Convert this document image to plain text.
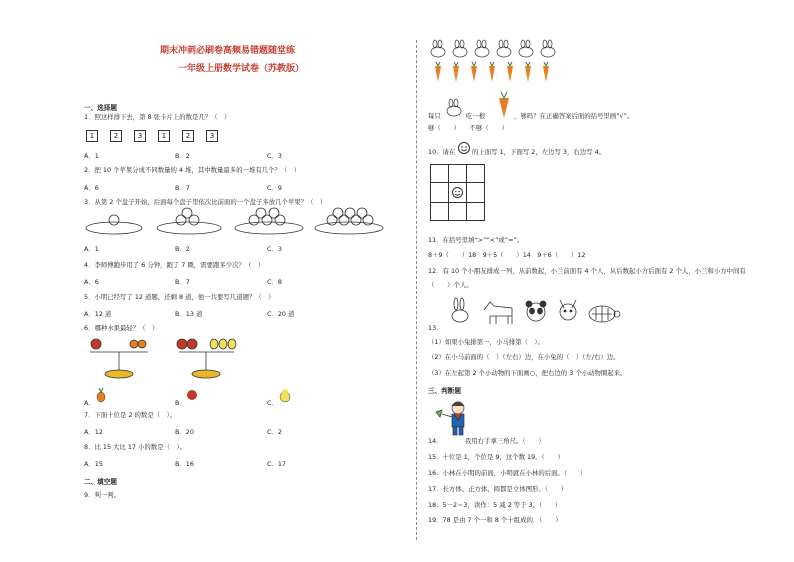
期末冲刺必刷卷高频易错题随堂练
一年级上册数学试卷（苏教版）
一、选择题
1．照这样排下去，第 8 张卡片上的数是几？（　）
1	2	3	1	2	3
A．1	B．2	C．3
2．把 10 个苹果分成不同数量的 4 堆，其中数量最多的一堆有几个？（　）
A．6	B．7	C．9
3．从第 2 个盘子开始，后面每个盘子里依次比前面的一个盘子多放几个苹果？（　）
A．1	B．2	C．3
4．李师傅跑步用了 6 分钟，跑了 7 圈，需要跑多少次？（　）
A．6	B．7	C．8
5．小明已经写了 12 道题，还剩 8 道，他一共要写几道题？（　）
A．12 道	B．13 道	C．20 道
6．哪种水果最轻？（　）
A．	B．	C．
7．下面十位是 2 的数是（　）。
A．12	B．20	C．2
8．比 15 大比 17 小的数是（　）。
A．15	B．16	C．17
二、填空题
9．判一判。
每只	吃一根	，够吗？在正确答案后面的括号里画“√”。
够（　　）　　不够（　　）
10．请在	的上面写 1，下面写 2，左边写 3，右边写 4。

11．在括号里填“>”“<”或“=”。
8＋9（　　）18　9＋5（　　）14　9＋6（　　）12
12．有 10 个小朋友排成一列，从前数起，小兰前面有 4 个人，从后数起小方后面有 2 个人，小兰和小方中间有
（　　）个人。
13．
（1）如果小兔排第一，小马排第（　）。
（2）在小马前面的（　）（左右）边，在小兔的（　）（左/右）边。
（3）在左起第 2 个小动物的下面画○，把右边的 3 个小动物圈起来。
三、判断题
14．　　　　我用右手拿三角尺。（　　）
15．十位是 1，个位是 9，这个数 19。（　　）
16．小林在小明的前面，小明就在小林的后面。（　　）
17．长方体、正方体、圆都是立体图形。（　　）
18．5－2＝3，读作：5 减 2 等于 3。（　　）
19．78 是由 7 个一和 8 个十组成的．（　　）
